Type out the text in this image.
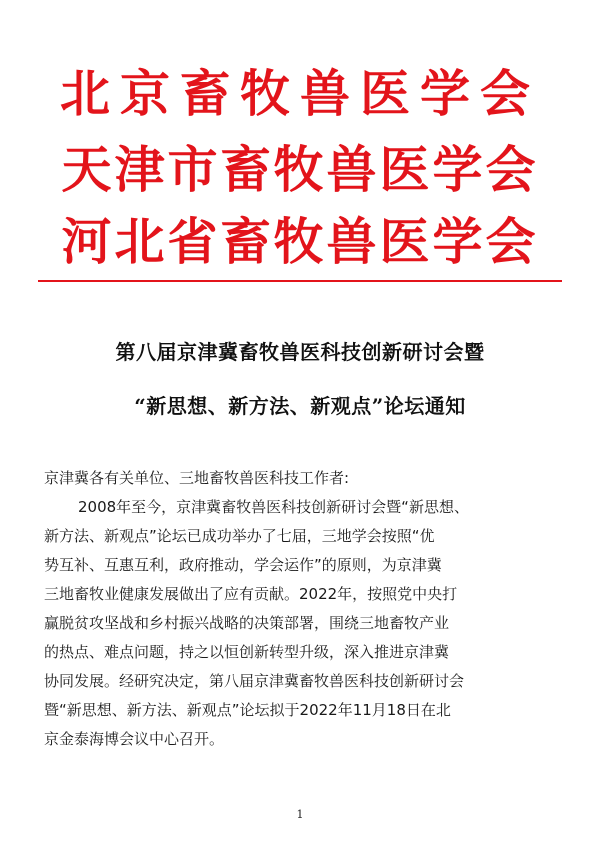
北京畜牧兽医学会
天津市畜牧兽医学会
河北省畜牧兽医学会
第八届京津冀畜牧兽医科技创新研讨会暨
“新思想、新方法、新观点”论坛通知
京津冀各有关单位、三地畜牧兽医科技工作者:
2008年至今，京津冀畜牧兽医科技创新研讨会暨“新思想、
新方法、新观点”论坛已成功举办了七届，三地学会按照“优
势互补、互惠互利，政府推动，学会运作”的原则，为京津冀
三地畜牧业健康发展做出了应有贡献。2022年，按照党中央打
赢脱贫攻坚战和乡村振兴战略的决策部署，围绕三地畜牧产业
的热点、难点问题，持之以恒创新转型升级，深入推进京津冀
协同发展。经研究决定，第八届京津冀畜牧兽医科技创新研讨会
暨“新思想、新方法、新观点”论坛拟于2022年11月18日在北
京金泰海博会议中心召开。
1
